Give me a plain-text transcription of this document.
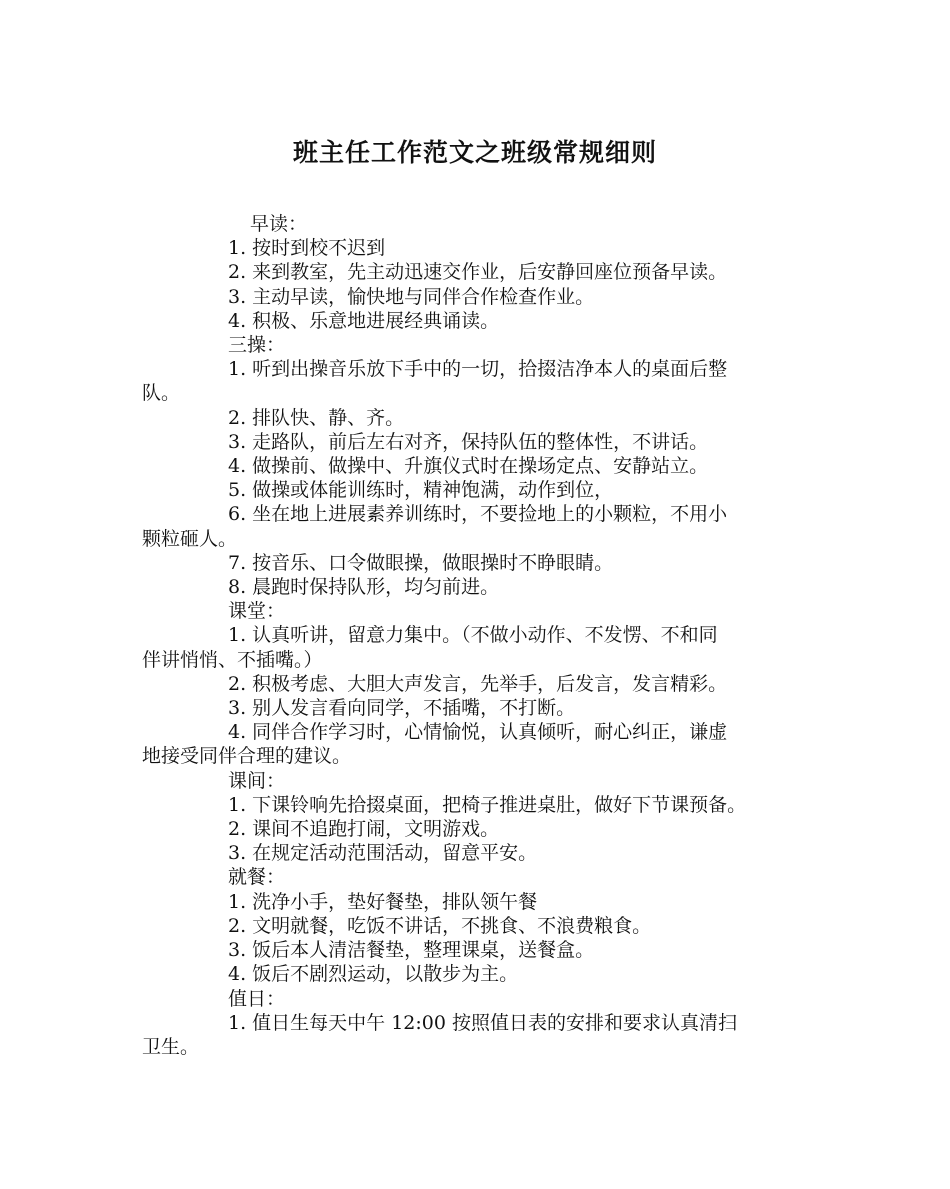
班主任工作范文之班级常规细则
早读：
1. 按时到校不迟到
2. 来到教室，先主动迅速交作业，后安静回座位预备早读。
3. 主动早读，愉快地与同伴合作检查作业。
4. 积极、乐意地进展经典诵读。
三操：
1. 听到出操音乐放下手中的一切，拾掇洁净本人的桌面后整
队。
2. 排队快、静、齐。
3. 走路队，前后左右对齐，保持队伍的整体性，不讲话。
4. 做操前、做操中、升旗仪式时在操场定点、安静站立。
5. 做操或体能训练时，精神饱满，动作到位，
6. 坐在地上进展素养训练时，不要捡地上的小颗粒，不用小
颗粒砸人。
7. 按音乐、口令做眼操，做眼操时不睁眼睛。
8. 晨跑时保持队形，均匀前进。
课堂：
1. 认真听讲，留意力集中。（不做小动作、不发愣、不和同
伴讲悄悄、不插嘴。）
2. 积极考虑、大胆大声发言，先举手，后发言，发言精彩。
3. 别人发言看向同学，不插嘴，不打断。
4. 同伴合作学习时，心情愉悦，认真倾听，耐心纠正，谦虚
地接受同伴合理的建议。
课间：
1. 下课铃响先拾掇桌面，把椅子推进桌肚，做好下节课预备。
2. 课间不追跑打闹，文明游戏。
3. 在规定活动范围活动，留意平安。
就餐：
1. 洗净小手，垫好餐垫，排队领午餐
2. 文明就餐，吃饭不讲话，不挑食、不浪费粮食。
3. 饭后本人清洁餐垫，整理课桌，送餐盒。
4. 饭后不剧烈运动，以散步为主。
值日：
1. 值日生每天中午 12:00 按照值日表的安排和要求认真清扫
卫生。
